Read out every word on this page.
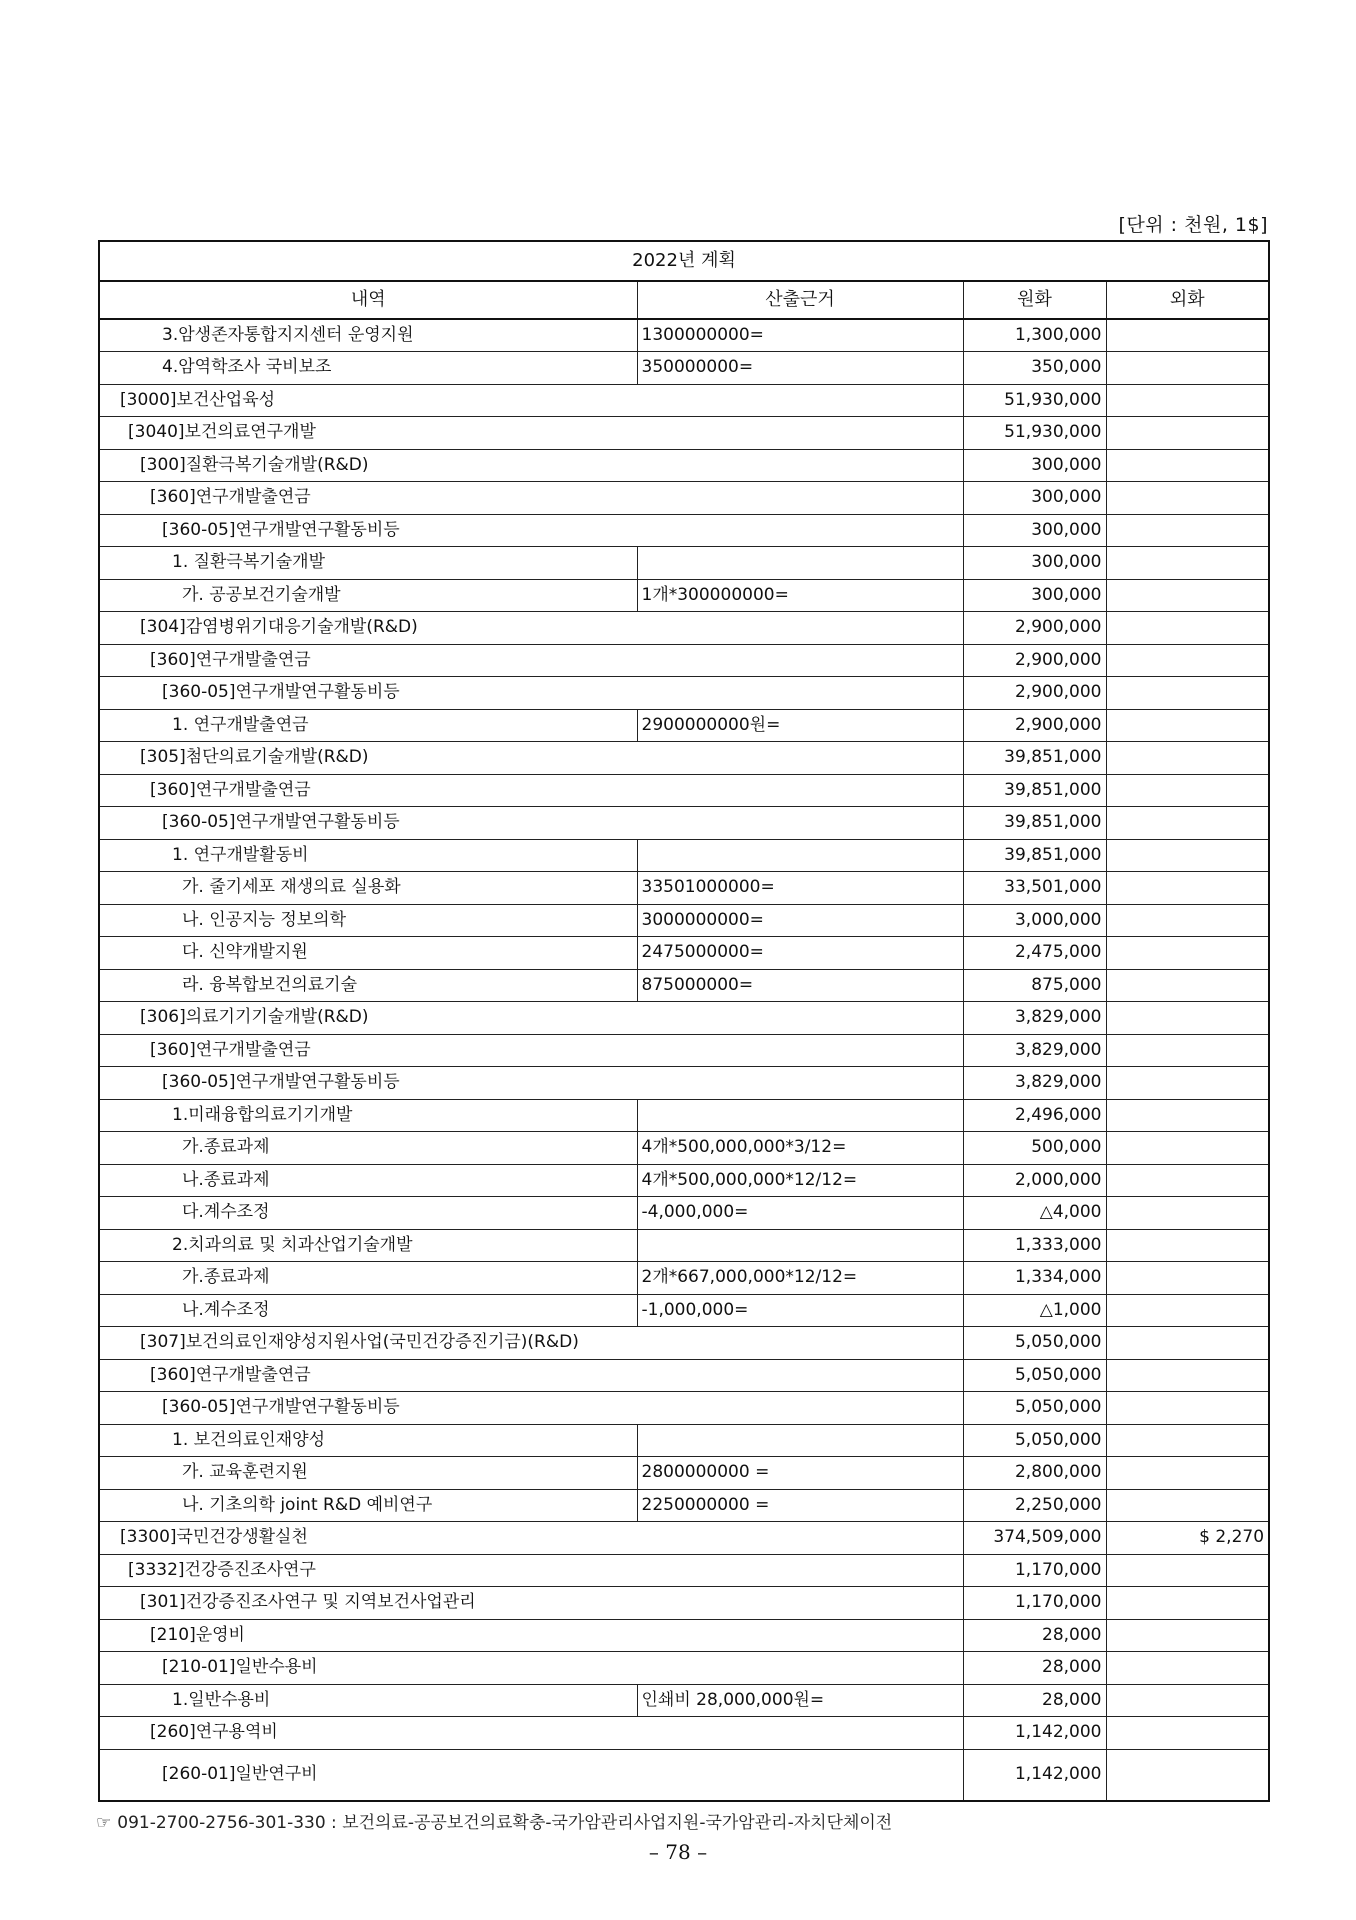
[단위 : 천원, 1$]
2022년 계획			
내역	산출근거	원화	외화
3.암생존자통합지지센터 운영지원	1300000000=	1,300,000	
4.암역학조사 국비보조	350000000=	350,000	
[3000]보건산업육성		51,930,000	
[3040]보건의료연구개발		51,930,000	
[300]질환극복기술개발(R&D)		300,000	
[360]연구개발출연금		300,000	
[360-05]연구개발연구활동비등		300,000	
1. 질환극복기술개발		300,000	
가. 공공보건기술개발	1개*300000000=	300,000	
[304]감염병위기대응기술개발(R&D)		2,900,000	
[360]연구개발출연금		2,900,000	
[360-05]연구개발연구활동비등		2,900,000	
1. 연구개발출연금	2900000000원=	2,900,000	
[305]첨단의료기술개발(R&D)		39,851,000	
[360]연구개발출연금		39,851,000	
[360-05]연구개발연구활동비등		39,851,000	
1. 연구개발활동비		39,851,000	
가. 줄기세포 재생의료 실용화	33501000000=	33,501,000	
나. 인공지능 정보의학	3000000000=	3,000,000	
다. 신약개발지원	2475000000=	2,475,000	
라. 융복합보건의료기술	875000000=	875,000	
[306]의료기기기술개발(R&D)		3,829,000	
[360]연구개발출연금		3,829,000	
[360-05]연구개발연구활동비등		3,829,000	
1.미래융합의료기기개발		2,496,000	
가.종료과제	4개*500,000,000*3/12=	500,000	
나.종료과제	4개*500,000,000*12/12=	2,000,000	
다.계수조정	-4,000,000=	△4,000	
2.치과의료 및 치과산업기술개발		1,333,000	
가.종료과제	2개*667,000,000*12/12=	1,334,000	
나.계수조정	-1,000,000=	△1,000	
[307]보건의료인재양성지원사업(국민건강증진기금)(R&D)		5,050,000	
[360]연구개발출연금		5,050,000	
[360-05]연구개발연구활동비등		5,050,000	
1. 보건의료인재양성		5,050,000	
가. 교육훈련지원	2800000000 =	2,800,000	
나. 기초의학 joint R&D 예비연구	2250000000 =	2,250,000	
[3300]국민건강생활실천		374,509,000	$ 2,270
[3332]건강증진조사연구		1,170,000	
[301]건강증진조사연구 및 지역보건사업관리		1,170,000	
[210]운영비		28,000	
[210-01]일반수용비		28,000	
1.일반수용비	인쇄비 28,000,000원=	28,000	
[260]연구용역비		1,142,000	
[260-01]일반연구비		1,142,000	
☞ 091-2700-2756-301-330 : 보건의료-공공보건의료확충-국가암관리사업지원-국가암관리-자치단체이전
– 78 –
